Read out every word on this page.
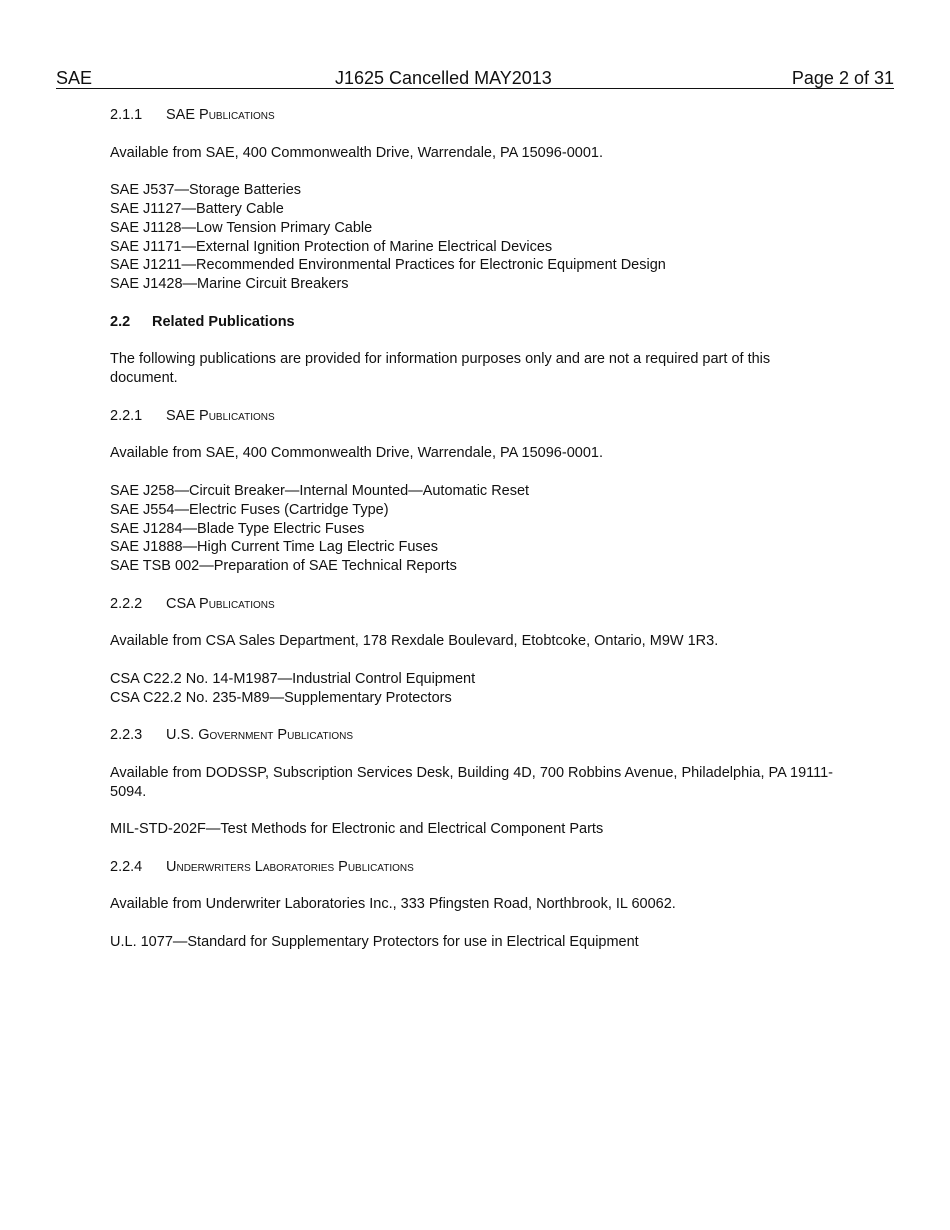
SAE	J1625 Cancelled MAY2013	Page 2 of 31

2.1.1 SAE Publications

Available from SAE, 400 Commonwealth Drive, Warrendale, PA 15096-0001.

SAE J537—Storage Batteries

SAE J1127—Battery Cable

SAE J1128—Low Tension Primary Cable

SAE J1171—External Ignition Protection of Marine Electrical Devices

SAE J1211—Recommended Environmental Practices for Electronic Equipment Design

SAE J1428—Marine Circuit Breakers

2.2 Related Publications

The following publications are provided for information purposes only and are not a required part of this document.

2.2.1 SAE Publications

Available from SAE, 400 Commonwealth Drive, Warrendale, PA 15096-0001.

SAE J258—Circuit Breaker—Internal Mounted—Automatic Reset

SAE J554—Electric Fuses (Cartridge Type)

SAE J1284—Blade Type Electric Fuses

SAE J1888—High Current Time Lag Electric Fuses

SAE TSB 002—Preparation of SAE Technical Reports

2.2.2 CSA Publications

Available from CSA Sales Department, 178 Rexdale Boulevard, Etobtcoke, Ontario, M9W 1R3.

CSA C22.2 No. 14-M1987—Industrial Control Equipment

CSA C22.2 No. 235-M89—Supplementary Protectors

2.2.3 U.S. Government Publications

Available from DODSSP, Subscription Services Desk, Building 4D, 700 Robbins Avenue, Philadelphia, PA 19111-5094.

MIL-STD-202F—Test Methods for Electronic and Electrical Component Parts

2.2.4 Underwriters Laboratories Publications

Available from Underwriter Laboratories Inc., 333 Pfingsten Road, Northbrook, IL 60062.

U.L. 1077—Standard for Supplementary Protectors for use in Electrical Equipment
